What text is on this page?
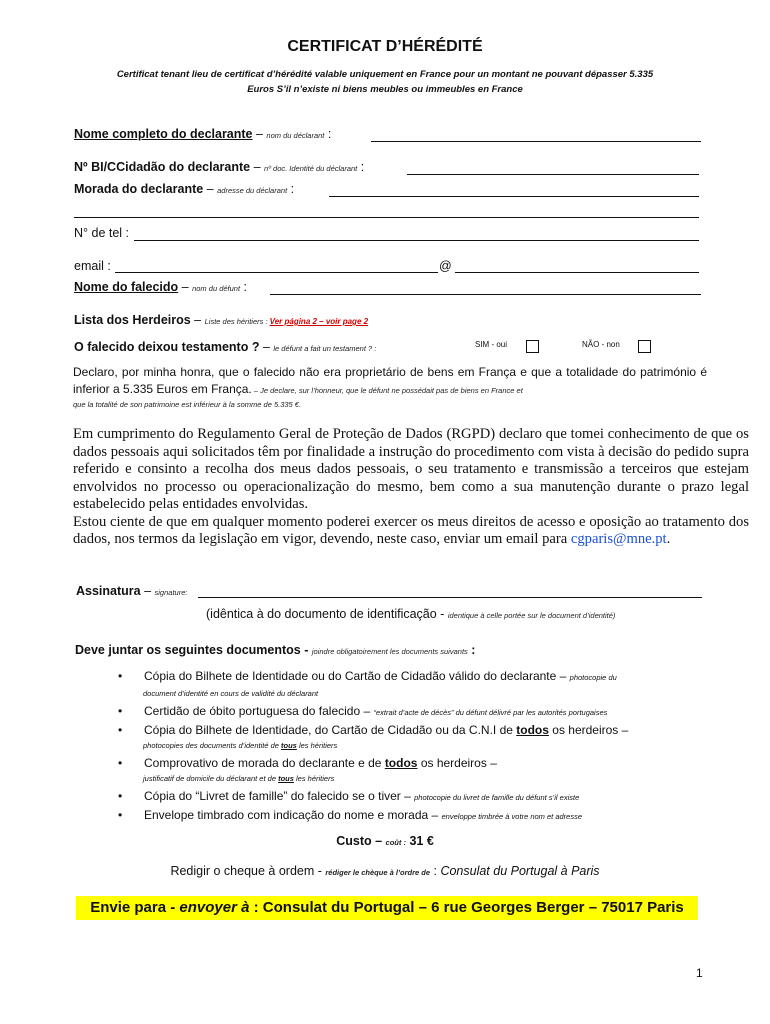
CERTIFICAT D’HÉRÉDITÉ
Certificat tenant lieu de certificat d’hérédité valable uniquement en France pour un montant ne pouvant dépasser 5.335
Euros S’il n’existe ni biens meubles ou immeubles en France
Nome completo do declarante – nom du déclarant :
Nº BI/CCidadão do declarante – nº doc. Identité du déclarant :
Morada do declarante – adresse du déclarant :
N° de tel :
email :	@
Nome do falecido – nom du défunt :
Lista dos Herdeiros – Liste des héritiers : Ver página 2 – voir page 2
O falecido deixou testamento ? – le défunt a fait un testament ? :	SIM - oui	NÃO - non
Declaro, por minha honra, que o falecido não era proprietário de bens em França e que a totalidade do património é inferior a 5.335 Euros em França. – Je declare, sur l’honneur, que le défunt ne possédait pas de biens en France et
que la totalité de son patrimoine est inférieur à la somme de 5.335 €.
Em cumprimento do Regulamento Geral de Proteção de Dados (RGPD) declaro que tomei conhecimento de que os dados pessoais aqui solicitados têm por finalidade a instrução do procedimento com vista à decisão do pedido supra referido e consinto a recolha dos meus dados pessoais, o seu tratamento e transmissão a terceiros que estejam envolvidos no processo ou operacionalização do mesmo, bem como a sua manutenção durante o prazo legal estabelecido pelas entidades envolvidas.
Estou ciente de que em qualquer momento poderei exercer os meus direitos de acesso e oposição ao tratamento dos dados, nos termos da legislação em vigor, devendo, neste caso, enviar um email para cgparis@mne.pt.
Assinatura – signature:
(idêntica à do documento de identificação - identique à celle portée sur le document d’identité)
Deve juntar os seguintes documentos - joindre obligatoirement les documents suivants :
• Cópia do Bilhete de Identidade ou do Cartão de Cidadão válido do declarante – photocopie du
document d’identité en cours de validité du déclarant
• Certidão de óbito portuguesa do falecido – “extrait d’acte de décès” du défunt délivré par les autorités portugaises
• Cópia do Bilhete de Identidade, do Cartão de Cidadão ou da C.N.I de todos os herdeiros –
photocopies des documents d’identité de tous les héritiers
• Comprovativo de morada do declarante e de todos os herdeiros –
justificatif de domicile du déclarant et de tous les héritiers
• Cópia do “Livret de famille” do falecido se o tiver – photocopie du livret de famille du défunt s’il existe
• Envelope timbrado com indicação do nome e morada – enveloppe timbrée à votre nom et adresse
Custo – coût : 31 €
Redigir o cheque à ordem - rédiger le chèque à l’ordre de : Consulat du Portugal à Paris
Envie para - envoyer à : Consulat du Portugal – 6 rue Georges Berger – 75017 Paris
1
